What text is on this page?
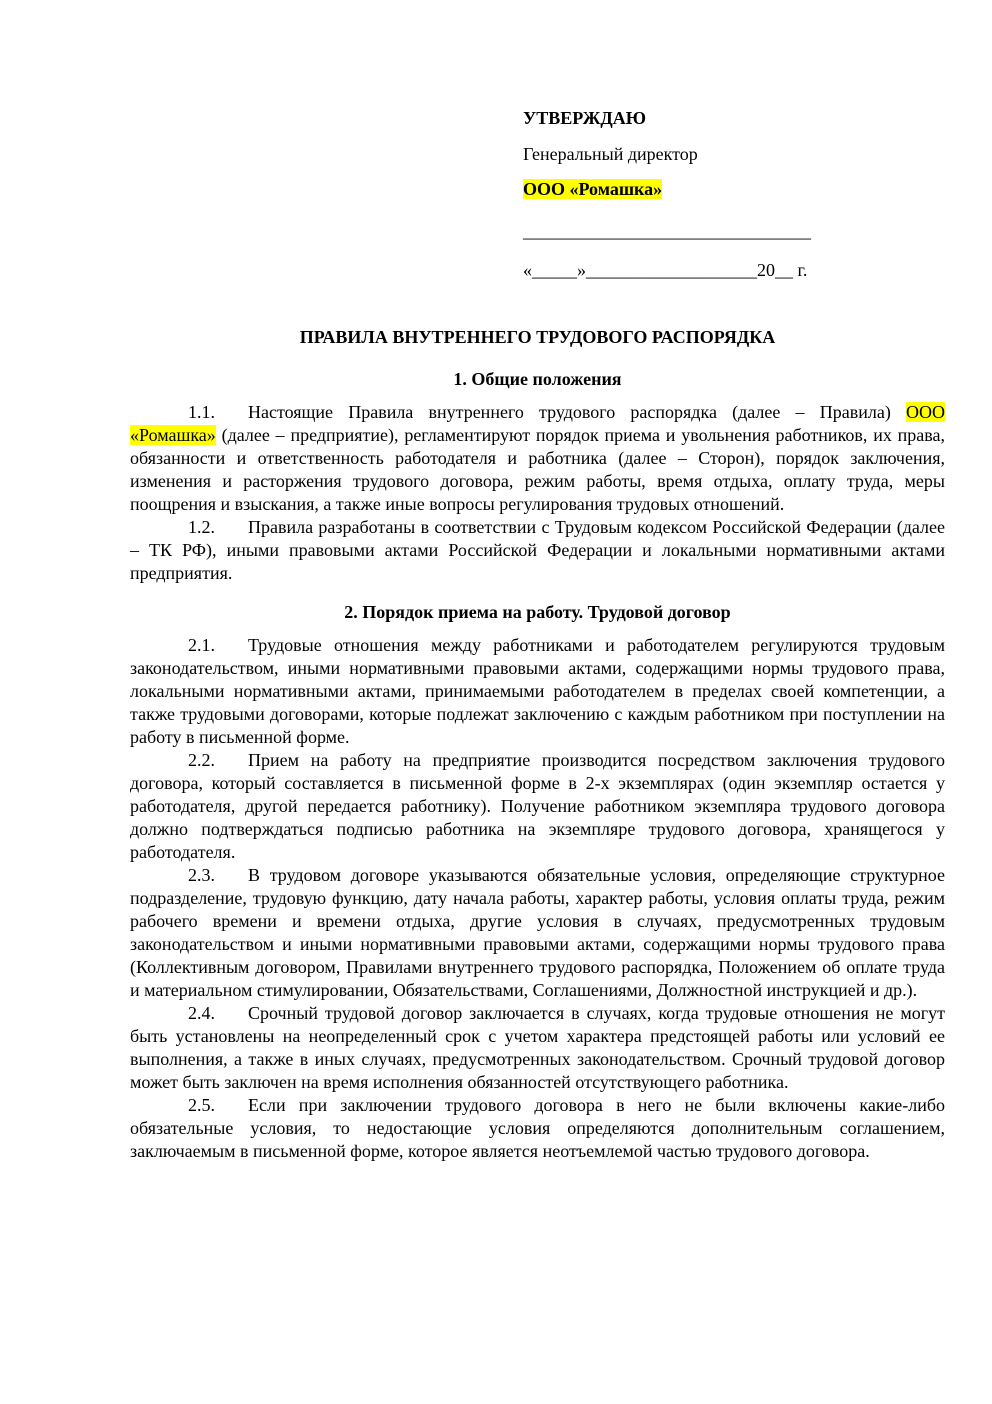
УТВЕРЖДАЮ
Генеральный директор
ООО «Ромашка»
________________________________
«_____»___________________20__ г.
ПРАВИЛА ВНУТРЕННЕГО ТРУДОВОГО РАСПОРЯДКА
1. Общие положения

1.1. Настоящие Правила внутреннего трудового распорядка (далее – Правила) ООО «Ромашка» (далее – предприятие), регламентируют порядок приема и увольнения работников, их права, обязанности и ответственность работодателя и работника (далее – Сторон), порядок заключения, изменения и расторжения трудового договора, режим работы, время отдыха, оплату труда, меры поощрения и взыскания, а также иные вопросы регулирования трудовых отношений.

1.2. Правила разработаны в соответствии с Трудовым кодексом Российской Федерации (далее – ТК РФ), иными правовыми актами Российской Федерации и локальными нормативными актами предприятия.

2. Порядок приема на работу. Трудовой договор

2.1. Трудовые отношения между работниками и работодателем регулируются трудовым законодательством, иными нормативными правовыми актами, содержащими нормы трудового права, локальными нормативными актами, принимаемыми работодателем в пределах своей компетенции, а также трудовыми договорами, которые подлежат заключению с каждым работником при поступлении на работу в письменной форме.

2.2. Прием на работу на предприятие производится посредством заключения трудового договора, который составляется в письменной форме в 2-х экземплярах (один экземпляр остается у работодателя, другой передается работнику). Получение работником экземпляра трудового договора должно подтверждаться подписью работника на экземпляре трудового договора, хранящегося у работодателя.

2.3. В трудовом договоре указываются обязательные условия, определяющие структурное подразделение, трудовую функцию, дату начала работы, характер работы, условия оплаты труда, режим рабочего времени и времени отдыха, другие условия в случаях, предусмотренных трудовым законодательством и иными нормативными правовыми актами, содержащими нормы трудового права (Коллективным договором, Правилами внутреннего трудового распорядка, Положением об оплате труда и материальном стимулировании, Обязательствами, Соглашениями, Должностной инструкцией и др.).

2.4. Срочный трудовой договор заключается в случаях, когда трудовые отношения не могут быть установлены на неопределенный срок с учетом характера предстоящей работы или условий ее выполнения, а также в иных случаях, предусмотренных законодательством. Срочный трудовой договор может быть заключен на время исполнения обязанностей отсутствующего работника.

2.5. Если при заключении трудового договора в него не были включены какие-либо обязательные условия, то недостающие условия определяются дополнительным соглашением, заключаемым в письменной форме, которое является неотъемлемой частью трудового договора.
